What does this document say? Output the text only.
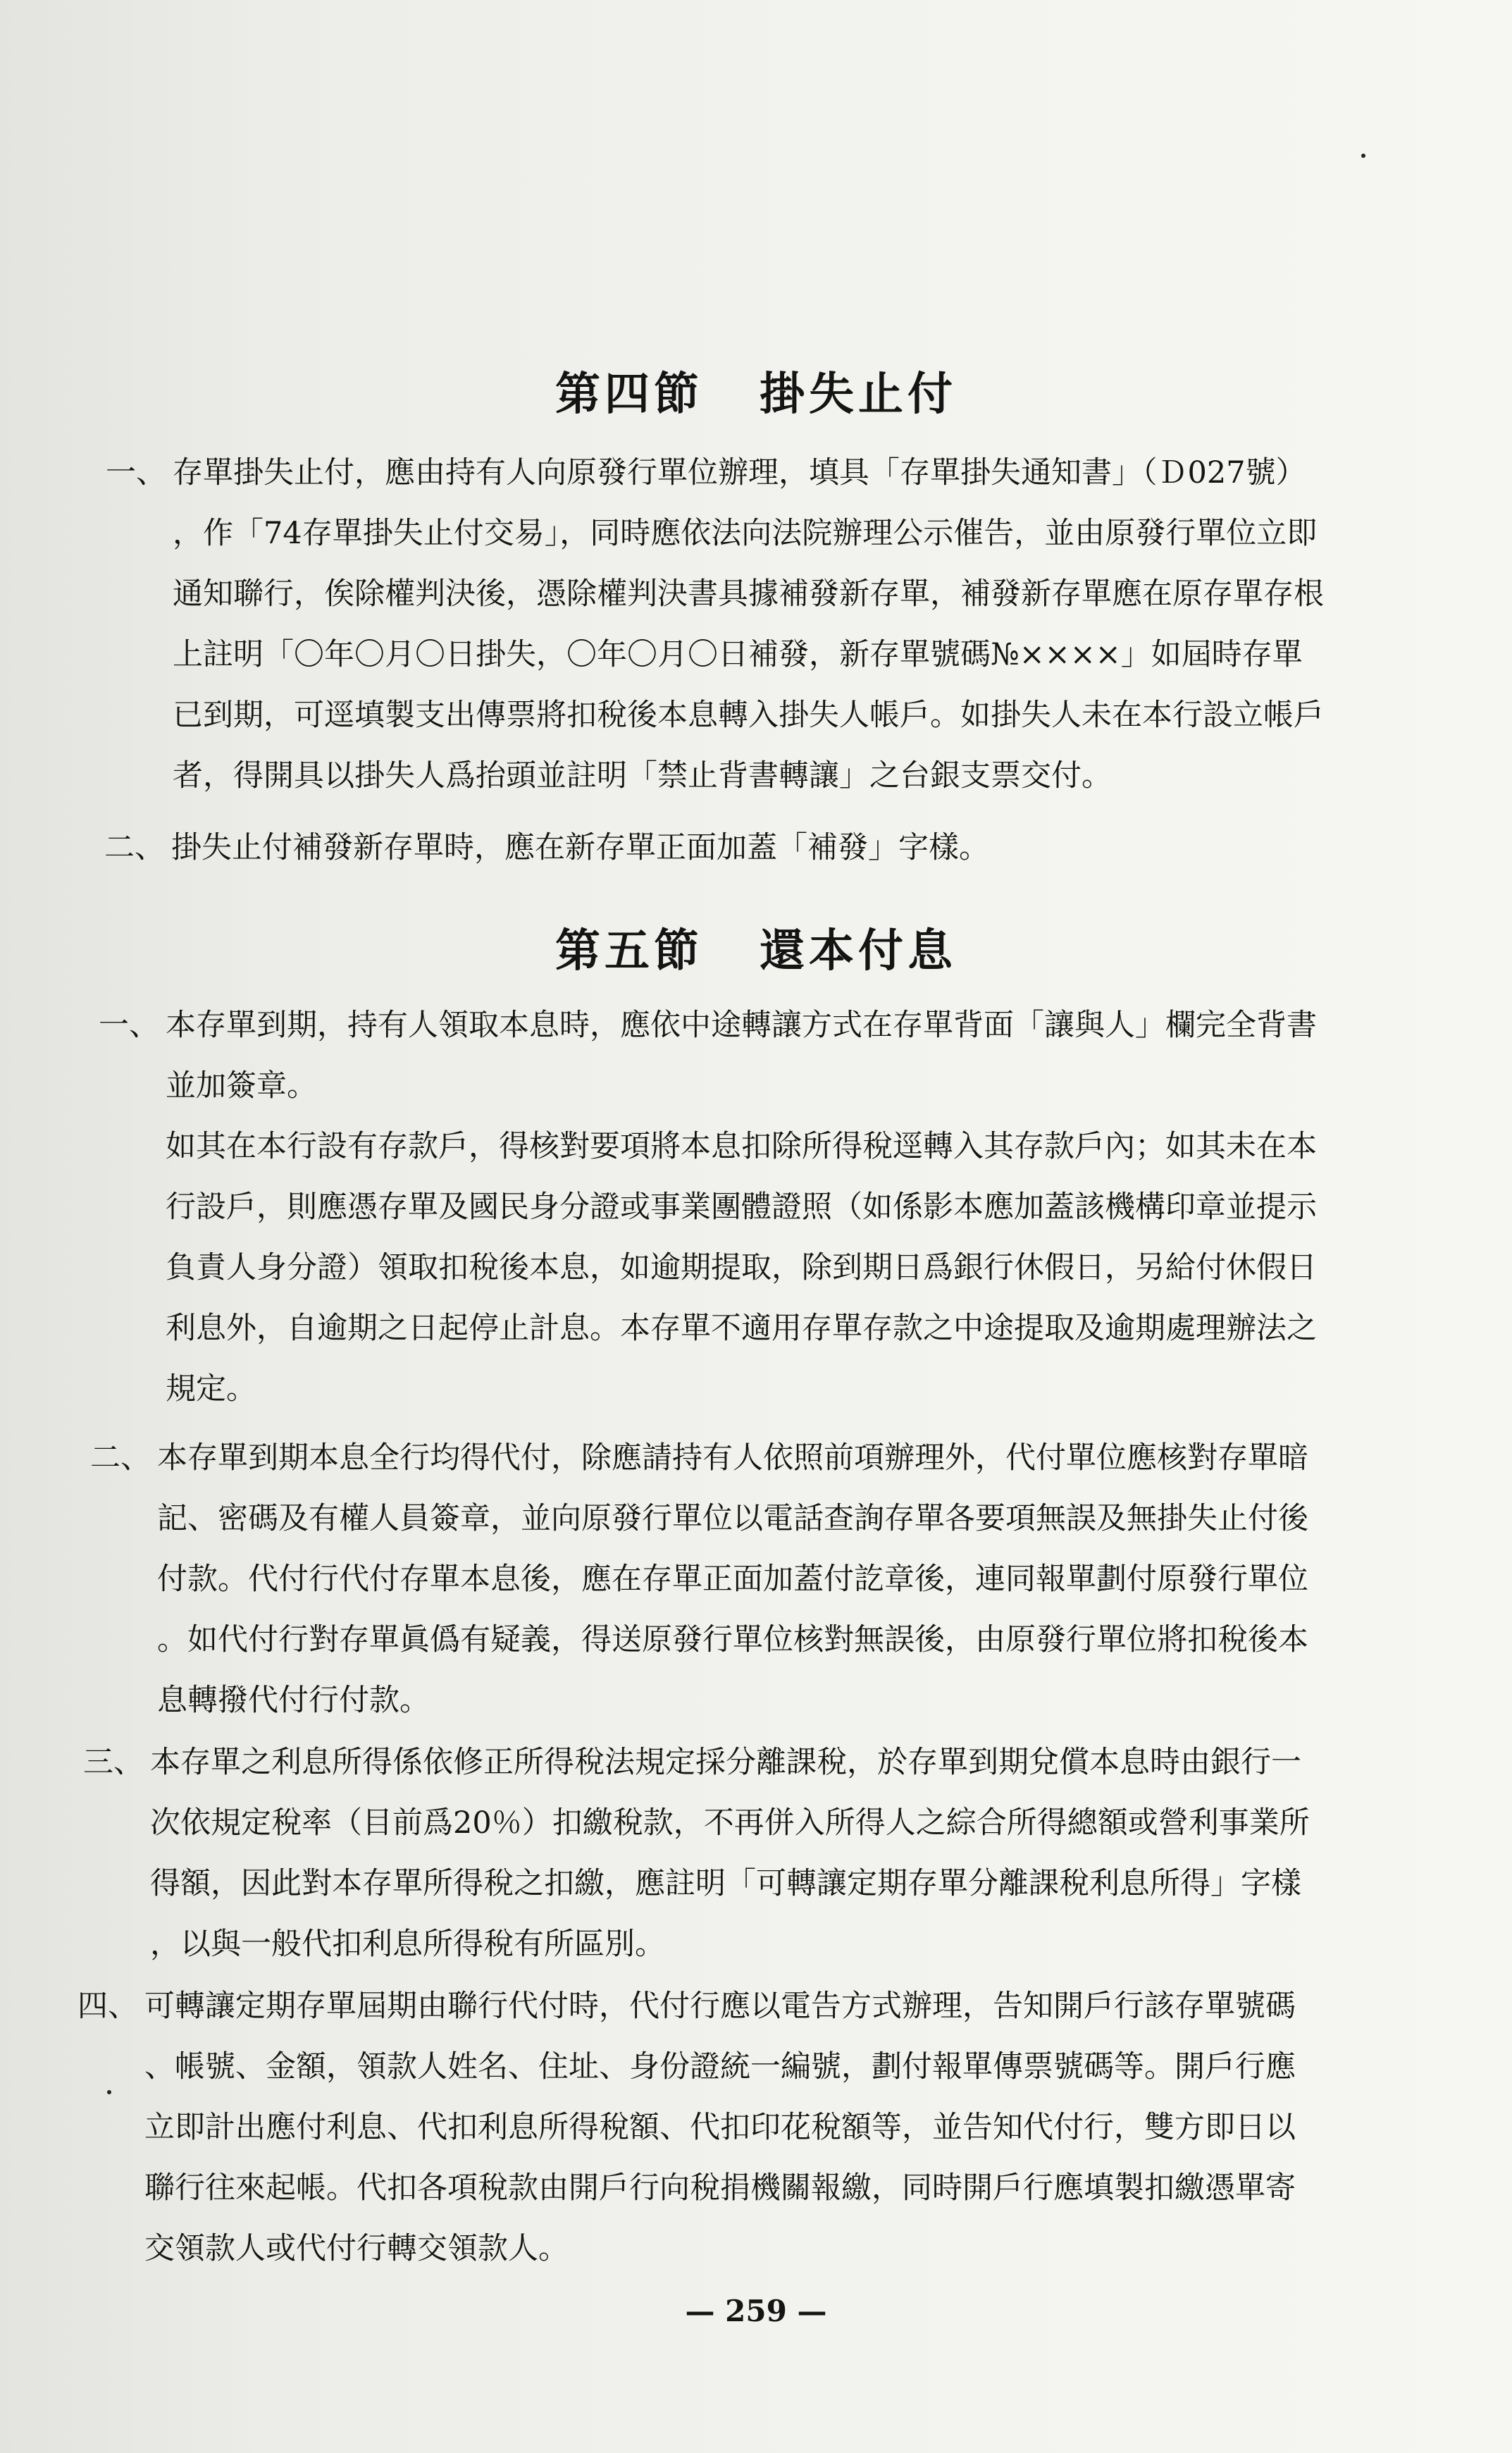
第四節 掛失止付
一、 存單掛失止付，應由持有人向原發行單位辦理，填具「存單掛失通知書」（Ｄ027號）
，作「74存單掛失止付交易」，同時應依法向法院辦理公示催告，並由原發行單位立即
通知聯行，俟除權判決後，憑除權判決書具據補發新存單，補發新存單應在原存單存根
上註明「〇年〇月〇日掛失，〇年〇月〇日補發，新存單號碼№××××」如屆時存單
已到期，可逕填製支出傳票將扣稅後本息轉入掛失人帳戶。如掛失人未在本行設立帳戶
者，得開具以掛失人爲抬頭並註明「禁止背書轉讓」之台銀支票交付。
二、 掛失止付補發新存單時，應在新存單正面加蓋「補發」字樣。
第五節 還本付息
一、 本存單到期，持有人領取本息時，應依中途轉讓方式在存單背面「讓與人」欄完全背書
並加簽章。
如其在本行設有存款戶，得核對要項將本息扣除所得稅逕轉入其存款戶內；如其未在本
行設戶，則應憑存單及國民身分證或事業團體證照（如係影本應加蓋該機構印章並提示
負責人身分證）領取扣稅後本息，如逾期提取，除到期日爲銀行休假日，另給付休假日
利息外，自逾期之日起停止計息。本存單不適用存單存款之中途提取及逾期處理辦法之
規定。
二、 本存單到期本息全行均得代付，除應請持有人依照前項辦理外，代付單位應核對存單暗
記、密碼及有權人員簽章，並向原發行單位以電話查詢存單各要項無誤及無掛失止付後
付款。代付行代付存單本息後，應在存單正面加蓋付訖章後，連同報單劃付原發行單位
。如代付行對存單眞僞有疑義，得送原發行單位核對無誤後，由原發行單位將扣稅後本
息轉撥代付行付款。
三、 本存單之利息所得係依修正所得稅法規定採分離課稅，於存單到期兌償本息時由銀行一
次依規定稅率（目前爲20％）扣繳稅款，不再併入所得人之綜合所得總額或營利事業所
得額，因此對本存單所得稅之扣繳，應註明「可轉讓定期存單分離課稅利息所得」字樣
，以與一般代扣利息所得稅有所區別。
四、 可轉讓定期存單屆期由聯行代付時，代付行應以電告方式辦理，告知開戶行該存單號碼
、帳號、金額，領款人姓名、住址、身份證統一編號，劃付報單傳票號碼等。開戶行應
立即計出應付利息、代扣利息所得稅額、代扣印花稅額等，並告知代付行，雙方即日以
聯行往來起帳。代扣各項稅款由開戶行向稅捐機關報繳，同時開戶行應填製扣繳憑單寄
交領款人或代付行轉交領款人。
— 259 —
